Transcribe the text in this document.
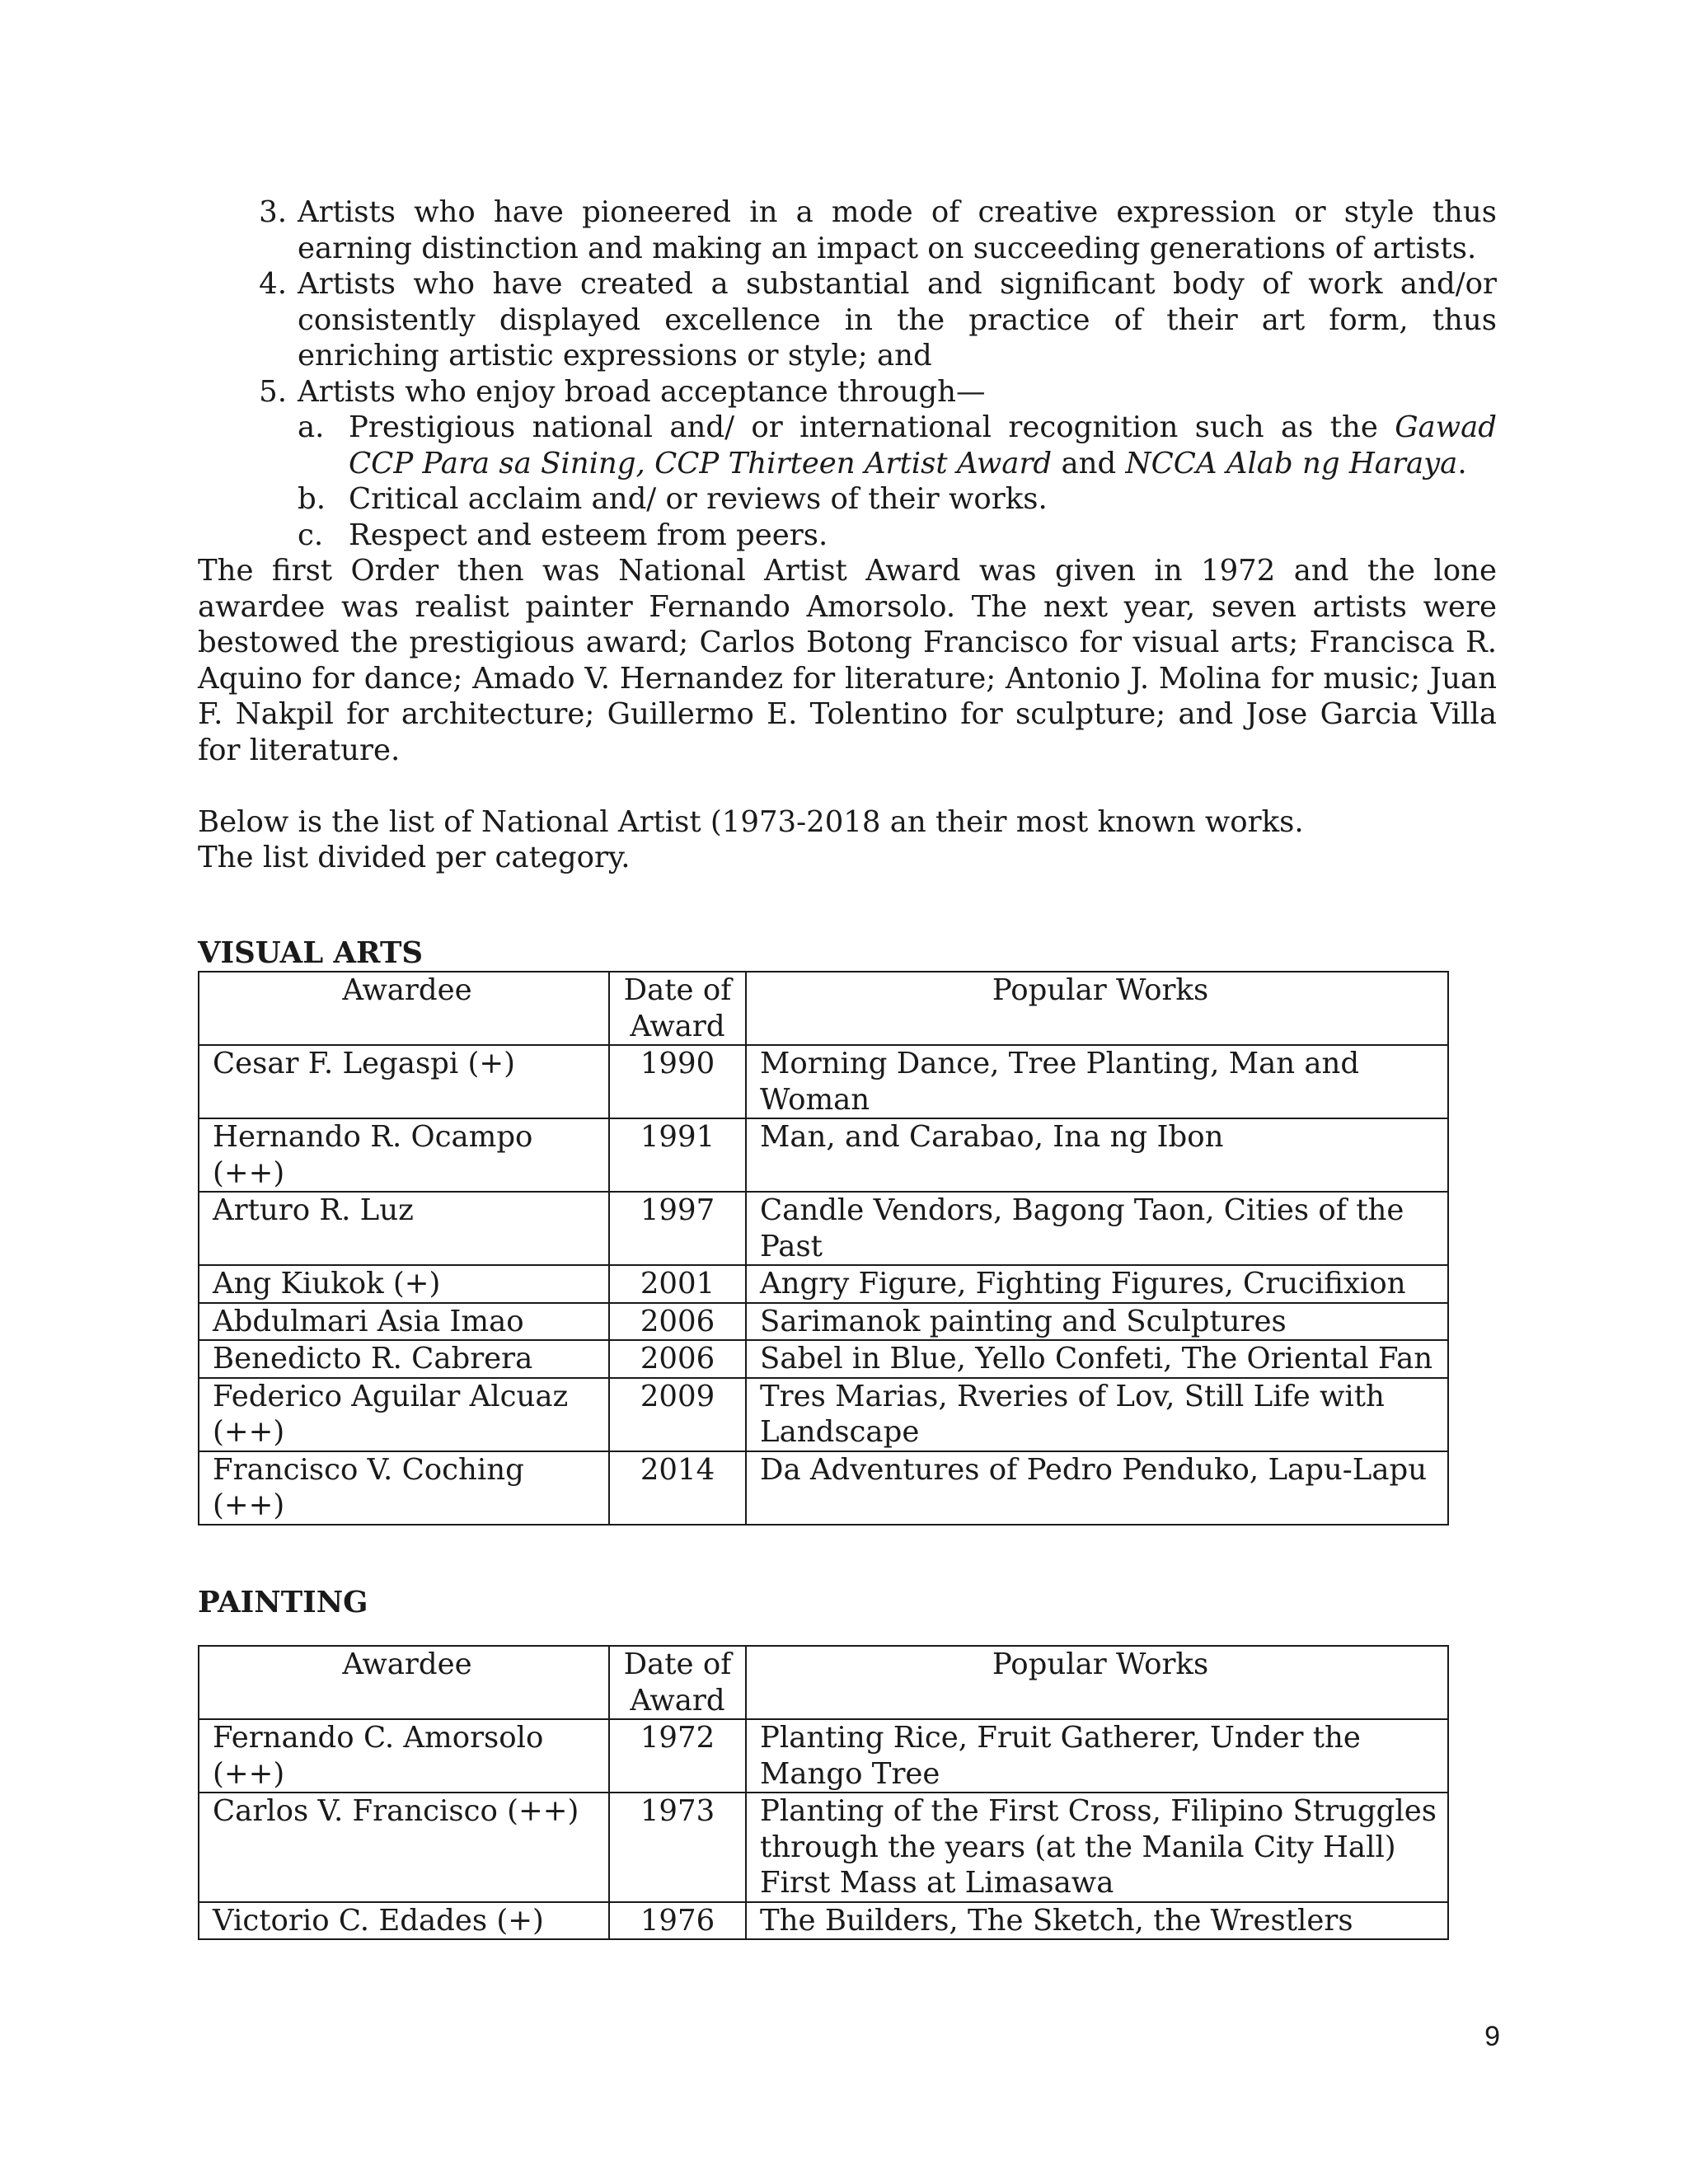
3. Artists who have pioneered in a mode of creative expression or style thus earning distinction and making an impact on succeeding generations of artists.
4. Artists who have created a substantial and significant body of work and/or consistently displayed excellence in the practice of their art form, thus enriching artistic expressions or style; and
5. Artists who enjoy broad acceptance through—
a. Prestigious national and/ or international recognition such as the Gawad CCP Para sa Sining, CCP Thirteen Artist Award and NCCA Alab ng Haraya.
b. Critical acclaim and/ or reviews of their works.
c. Respect and esteem from peers.

The first Order then was National Artist Award was given in 1972 and the lone awardee was realist painter Fernando Amorsolo. The next year, seven artists were bestowed the prestigious award; Carlos Botong Francisco for visual arts; Francisca R. Aquino for dance; Amado V. Hernandez for literature; Antonio J. Molina for music; Juan F. Nakpil for architecture; Guillermo E. Tolentino for sculpture; and Jose Garcia Villa for literature.

Below is the list of National Artist (1973-2018 an their most known works.

The list divided per category.

VISUAL ARTS

Awardee	Date of Award	Popular Works
Cesar F. Legaspi (+)	1990	Morning Dance, Tree Planting, Man and Woman
Hernando R. Ocampo (++)	1991	Man, and Carabao, Ina ng Ibon
Arturo R. Luz	1997	Candle Vendors, Bagong Taon, Cities of the Past
Ang Kiukok (+)	2001	Angry Figure, Fighting Figures, Crucifixion
Abdulmari Asia Imao	2006	Sarimanok painting and Sculptures
Benedicto R. Cabrera	2006	Sabel in Blue, Yello Confeti, The Oriental Fan
Federico Aguilar Alcuaz (++)	2009	Tres Marias, Rveries of Lov, Still Life with Landscape
Francisco V. Coching (++)	2014	Da Adventures of Pedro Penduko, Lapu-Lapu

PAINTING

Awardee	Date of Award	Popular Works
Fernando C. Amorsolo (++)	1972	Planting Rice, Fruit Gatherer, Under the Mango Tree
Carlos V. Francisco (++)	1973	Planting of the First Cross, Filipino Struggles through the years (at the Manila City Hall) First Mass at Limasawa
Victorio C. Edades (+)	1976	The Builders, The Sketch, the Wrestlers
9
